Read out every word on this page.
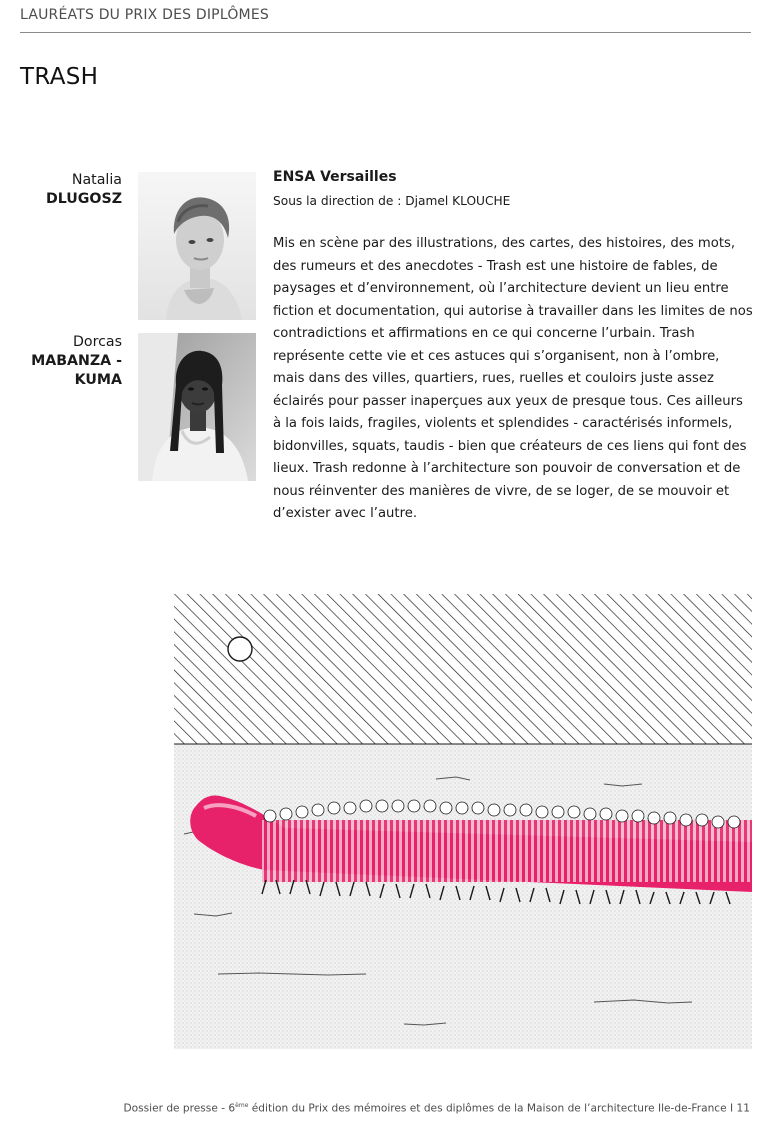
LAURÉATS DU PRIX DES DIPLÔMES
TRASH
Natalia
DLUGOSZ
Dorcas
MABANZA -
KUMA
ENSA Versailles
Sous la direction de : Djamel KLOUCHE

Mis en scène par des illustrations, des cartes, des histoires, des mots, des rumeurs et des anecdotes - Trash est une histoire de fables, de paysages et d’environnement, où l’architecture devient un lieu entre fiction et documentation, qui autorise à travailler dans les limites de nos contradictions et affirmations en ce qui concerne l’urbain. Trash représente cette vie et ces astuces qui s’organisent, non à l’ombre, mais dans des villes, quartiers, rues, ruelles et couloirs juste assez éclairés pour passer inaperçues aux yeux de presque tous. Ces ailleurs à la fois laids, fragiles, violents et splendides - caractérisés informels, bidonvilles, squats, taudis - bien que créateurs de ces liens qui font des lieux. Trash redonne à l’architecture son pouvoir de conversation et de nous réinventer des manières de vivre, de se loger, de se mouvoir et d’exister avec l’autre.

Dossier de presse - 6ème édition du Prix des mémoires et des diplômes de la Maison de l’architecture Ile-de-France I 11
